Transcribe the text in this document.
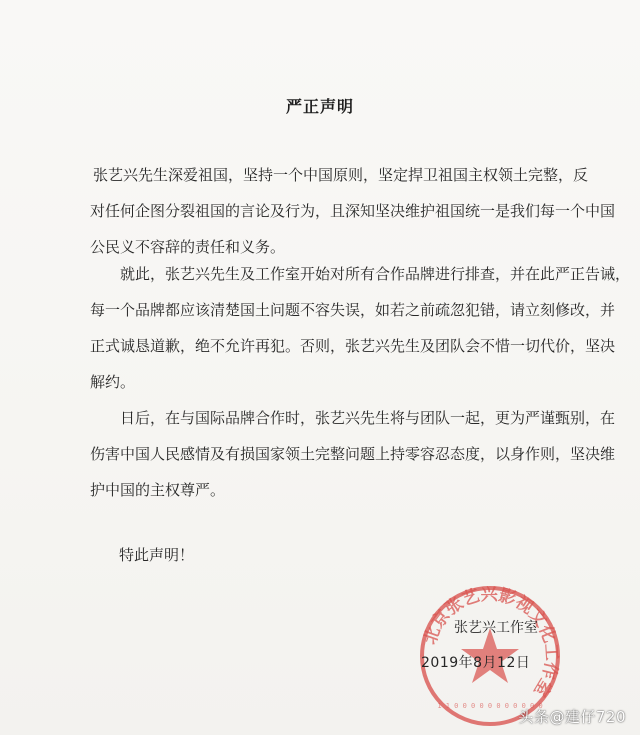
严正声明
张艺兴先生深爱祖国，坚持一个中国原则，坚定捍卫祖国主权领土完整，反
对任何企图分裂祖国的言论及行为，且深知坚决维护祖国统一是我们每一个中国
公民义不容辞的责任和义务。
就此，张艺兴先生及工作室开始对所有合作品牌进行排查，并在此严正告诫，
每一个品牌都应该清楚国土问题不容失误，如若之前疏忽犯错，请立刻修改，并
正式诚恳道歉，绝不允许再犯。否则，张艺兴先生及团队会不惜一切代价，坚决
解约。
日后，在与国际品牌合作时，张艺兴先生将与团队一起，更为严谨甄别，在
伤害中国人民感情及有损国家领土完整问题上持零容忍态度，以身作则，坚决维
护中国的主权尊严。
特此声明！
北京张艺兴影视文化工作室
1 1 0 0 0 0 0 0 0 0 0 0 0
张艺兴工作室
2019年8月12日
头条@建仔720
